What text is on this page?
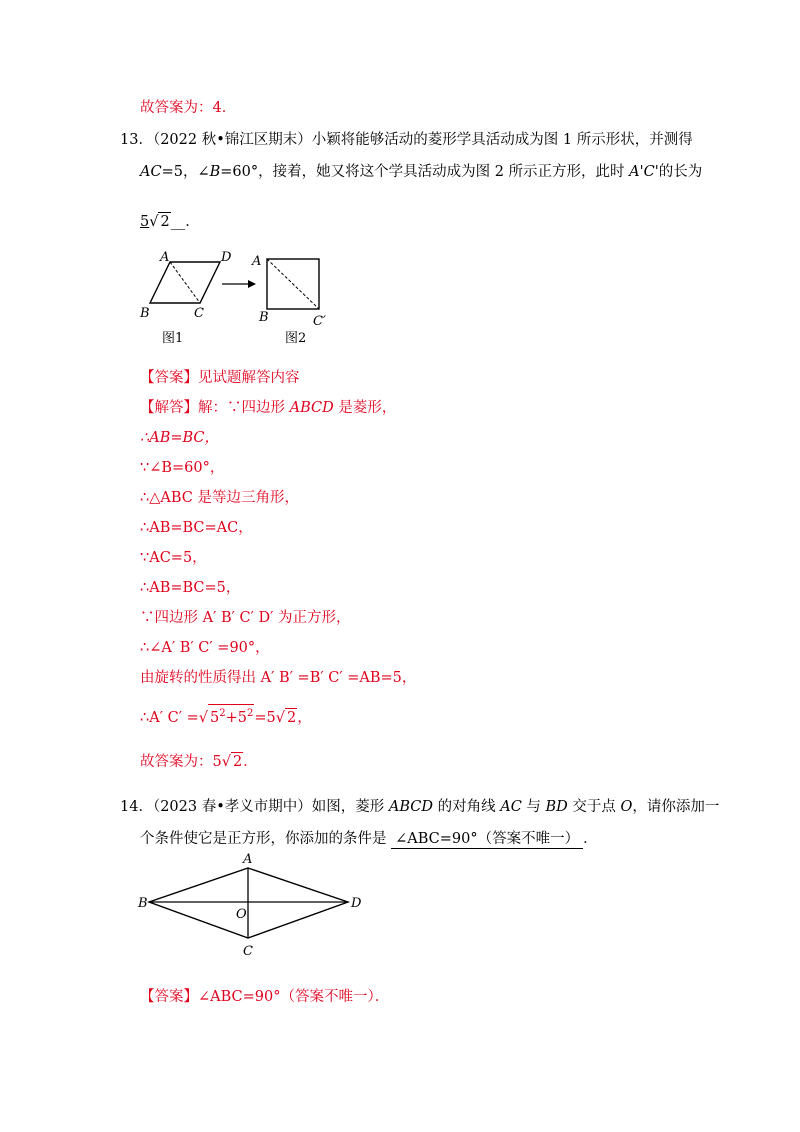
故答案为：4．
13．（2022 秋•锦江区期末）小颖将能够活动的菱形学具活动成为图 1 所示形状，并测得
AC=5，∠B=60°，接着，她又将这个学具活动成为图 2 所示正方形，此时 A'C'的长为
5√ 2__．
A	D
B	C
图1
A
B	C′
图2
【答案】见试题解答内容
【解答】解：∵四边形 ABCD 是菱形，
∴AB=BC，
∵∠B=60°，
∴△ABC 是等边三角形，
∴AB=BC=AC，
∵AC=5，
∴AB=BC=5，
∵四边形 A′ B′ C′ D′ 为正方形，
∴∠A′ B′ C′ =90°，
由旋转的性质得出 A′ B′ =B′ C′ =AB=5，
∴A′ C′ =√ $5^2+5^2=5√$ 2，
故答案为：5√ 2．
14．（2023 春•孝义市期中）如图，菱形 ABCD 的对角线 AC 与 BD 交于点 O，请你添加一
个条件使它是正方形，你添加的条件是 ∠ABC=90°（答案不唯一） ．
A
B	D
O
C
【答案】∠ABC=90°（答案不唯一）．
